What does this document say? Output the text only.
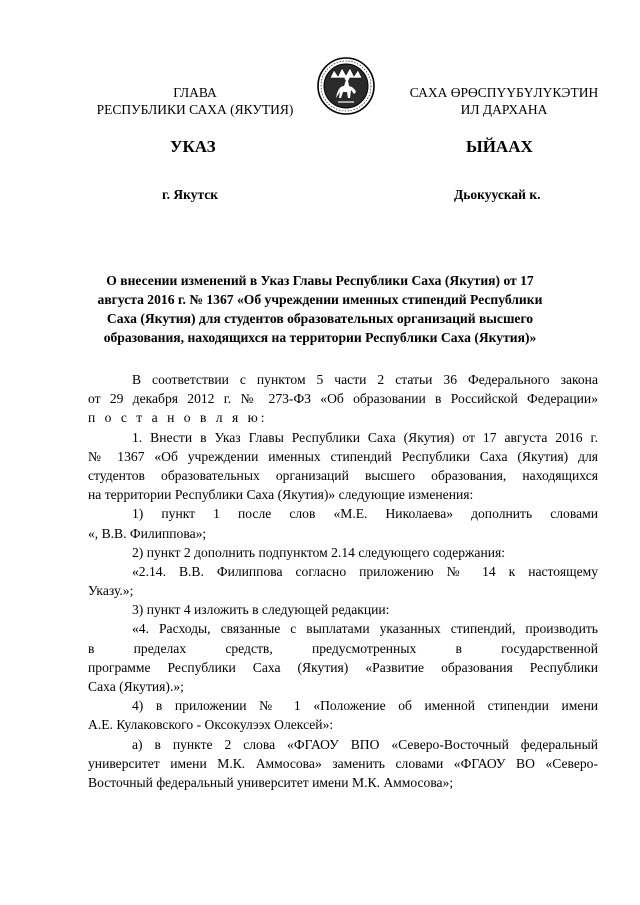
ГЛАВА
РЕСПУБЛИКИ САХА (ЯКУТИЯ)
САХА ӨРӨСПҮҮБҮЛҮКЭТИН
ИЛ ДАРХАНА
УКАЗ	ЫЙААХ
г. Якутск	Дьокуускай к.
О внесении изменений в Указ Главы Республики Саха (Якутия) от 17
августа 2016 г. № 1367 «Об учреждении именных стипендий Республики
Саха (Якутия) для студентов образовательных организаций высшего
образования, находящихся на территории Республики Саха (Якутия)»
В соответствии с пунктом 5 части 2 статьи 36 Федерального закона
от 29 декабря 2012 г. № 273-ФЗ «Об образовании в Российской Федерации»
п о с т а н о в л я ю:
1. Внести в Указ Главы Республики Саха (Якутия) от 17 августа 2016 г.
№ 1367 «Об учреждении именных стипендий Республики Саха (Якутия) для
студентов образовательных организаций высшего образования, находящихся
на территории Республики Саха (Якутия)» следующие изменения:
1) пункт 1 после слов «М.Е. Николаева» дополнить словами
«, В.В. Филиппова»;
2) пункт 2 дополнить подпунктом 2.14 следующего содержания:
«2.14. В.В. Филиппова согласно приложению № 14 к настоящему
Указу.»;
3) пункт 4 изложить в следующей редакции:
«4. Расходы, связанные с выплатами указанных стипендий, производить
в пределах средств, предусмотренных в государственной
программе Республики Саха (Якутия) «Развитие образования Республики
Саха (Якутия).»;
4) в приложении № 1 «Положение об именной стипендии имени
А.Е. Кулаковского - Оксокулээх Олексей»:
а) в пункте 2 слова «ФГАОУ ВПО «Северо-Восточный федеральный
университет имени М.К. Аммосова» заменить словами «ФГАОУ ВО «Северо-
Восточный федеральный университет имени М.К. Аммосова»;
